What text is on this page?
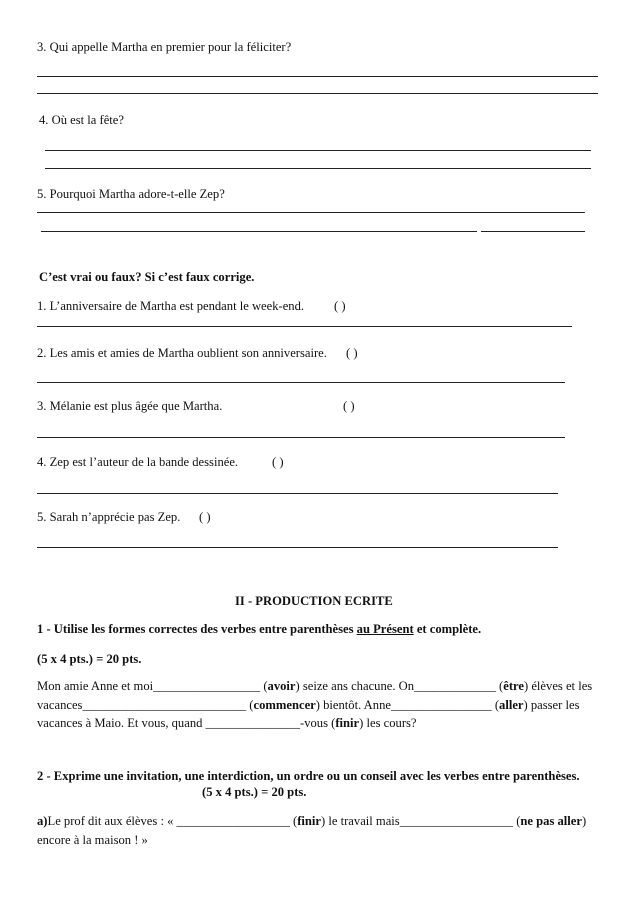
3. Qui appelle Martha en premier pour la féliciter?
4. Où est la fête?
5. Pourquoi Martha adore-t-elle Zep?
C’est vrai ou faux? Si c’est faux corrige.
1. L’anniversaire de Martha est pendant le week-end. ( )
2. Les amis et amies de Martha oublient son anniversaire. ( )
3. Mélanie est plus âgée que Martha.	( )
4. Zep est l’auteur de la bande dessinée.	( )
5. Sarah n’apprécie pas Zep. ( )
II - PRODUCTION ECRITE
1 - Utilise les formes correctes des verbes entre parenthèses au Présent et complète.
(5 x 4 pts.) = 20 pts.
Mon amie Anne et moi_________________ (avoir) seize ans chacune. On_____________ (être) élèves et les vacances__________________________ (commencer) bientôt. Anne________________ (aller) passer les vacances à Maio. Et vous, quand _______________-vous (finir) les cours?
2 - Exprime une invitation, une interdiction, un ordre ou un conseil avec les verbes entre parenthèses.
(5 x 4 pts.) = 20 pts.
a)Le prof dit aux élèves : « __________________ (finir) le travail mais__________________ (ne pas aller) encore à la maison ! »
